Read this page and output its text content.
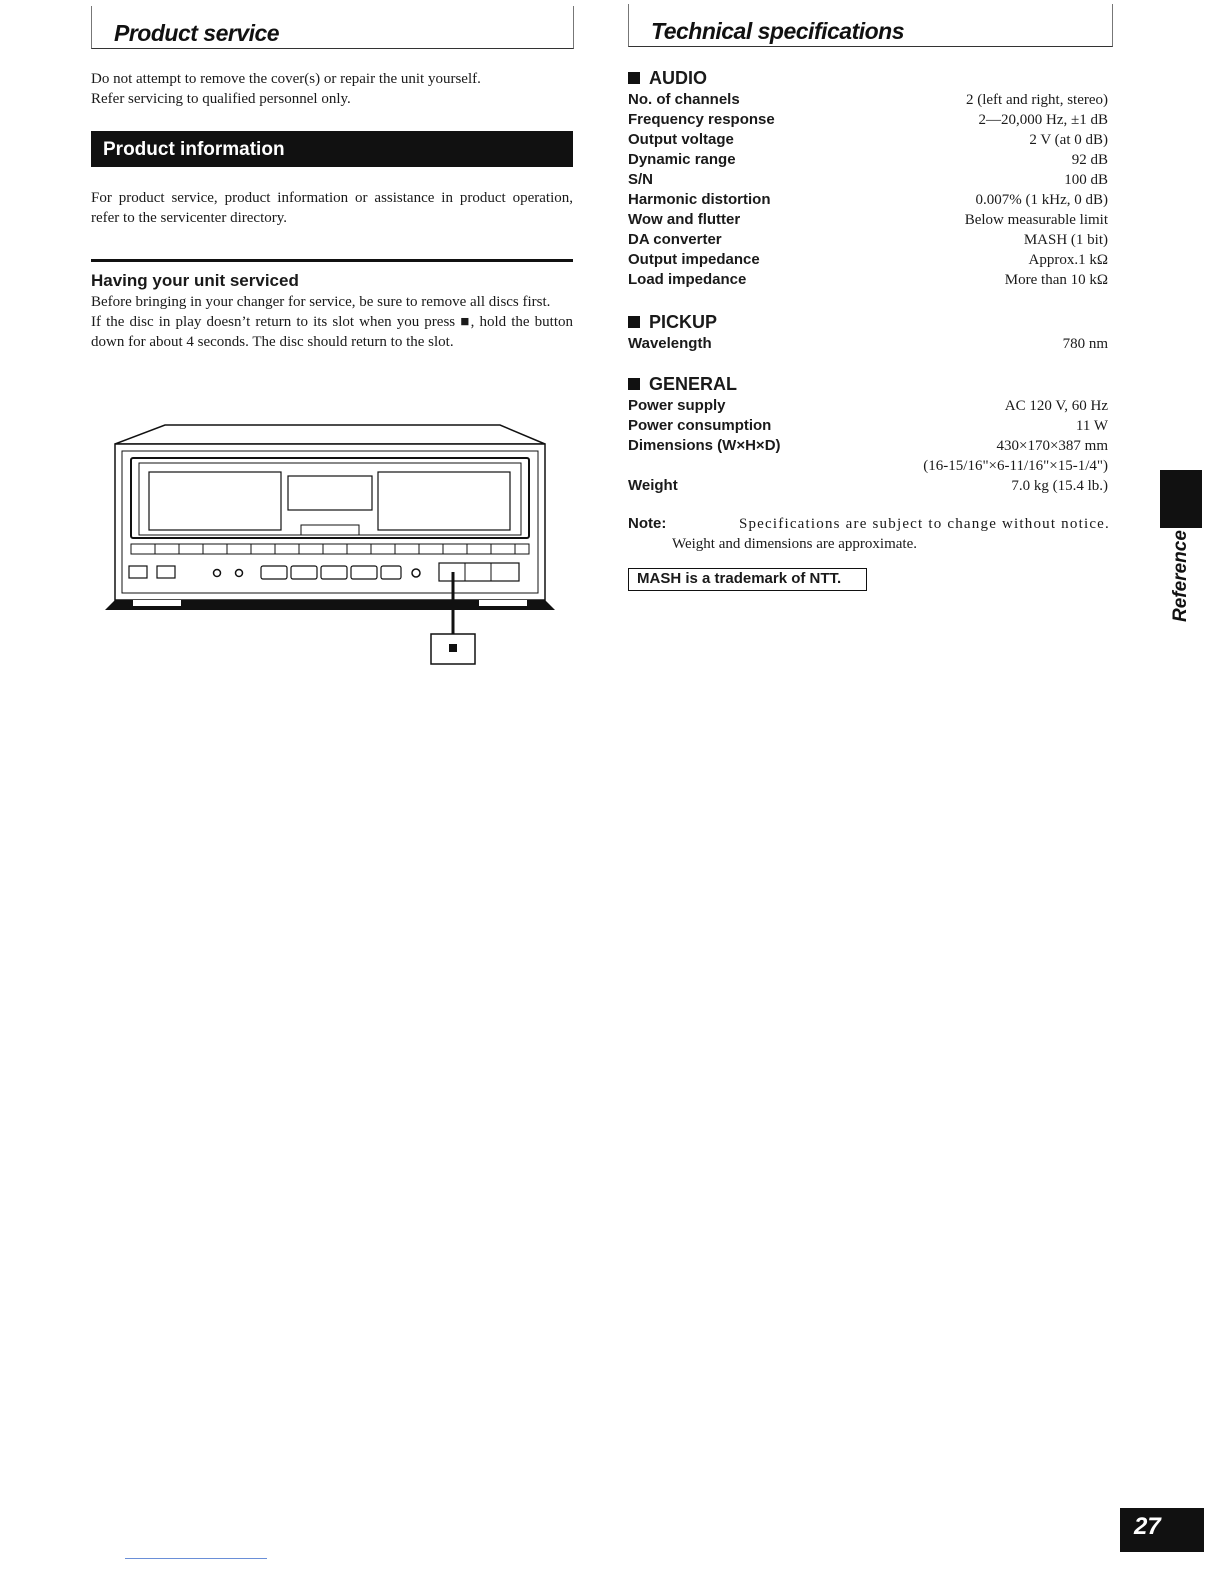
Product service
Do not attempt to remove the cover(s) or repair the unit yourself.
Refer servicing to qualified personnel only.
Product information
For product service, product information or assistance in product operation, refer to the servicenter directory.
Having your unit serviced
Before bringing in your changer for service, be sure to remove all discs first.
If the disc in play doesn’t return to its slot when you press ■, hold the button down for about 4 seconds. The disc should return to the slot.
Technical specifications
AUDIO
No. of channels	2 (left and right, stereo)
Frequency response	2—20,000 Hz, ±1 dB
Output voltage	2 V (at 0 dB)
Dynamic range	92 dB
S/N	100 dB
Harmonic distortion	0.007% (1 kHz, 0 dB)
Wow and flutter	Below measurable limit
DA converter	MASH (1 bit)
Output impedance	Approx.1 kΩ
Load impedance	More than 10 kΩ
PICKUP
Wavelength	780 nm
GENERAL
Power supply	AC 120 V, 60 Hz
Power consumption	11 W
Dimensions (W×H×D)	430×170×387 mm
(16-15/16"×6-11/16"×15-1/4")
Weight	7.0 kg (15.4 lb.)
Note:	Specifications are subject to change without notice.
Weight and dimensions are approximate.
MASH is a trademark of NTT.	Reference
27
